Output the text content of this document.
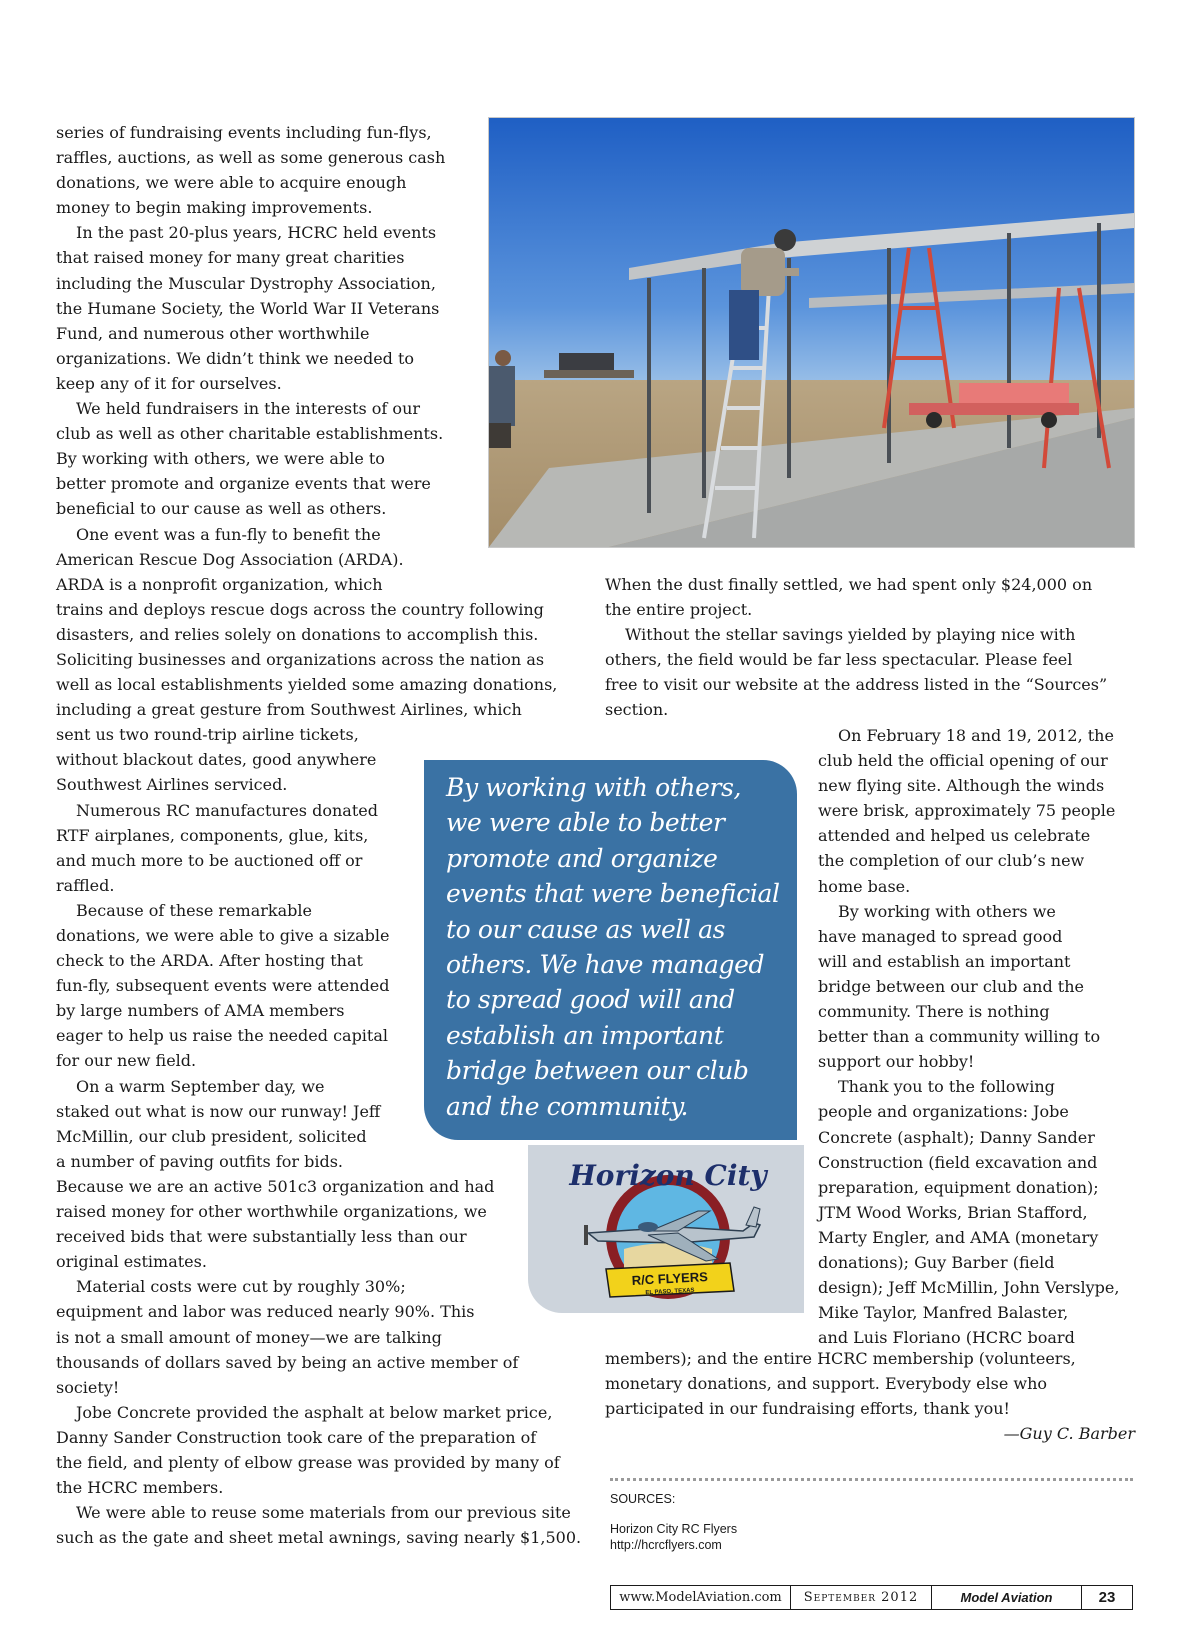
series of fundraising events including fun-flys,
raffles, auctions, as well as some generous cash
donations, we were able to acquire enough
money to begin making improvements.
In the past 20-plus years, HCRC held events
that raised money for many great charities
including the Muscular Dystrophy Association,
the Humane Society, the World War II Veterans
Fund, and numerous other worthwhile
organizations. We didn’t think we needed to
keep any of it for ourselves.
We held fundraisers in the interests of our
club as well as other charitable establishments.
By working with others, we were able to
better promote and organize events that were
beneficial to our cause as well as others.
One event was a fun-fly to benefit the
American Rescue Dog Association (ARDA).
ARDA is a nonprofit organization, which
trains and deploys rescue dogs across the country following
disasters, and relies solely on donations to accomplish this.
Soliciting businesses and organizations across the nation as
well as local establishments yielded some amazing donations,
including a great gesture from Southwest Airlines, which
sent us two round-trip airline tickets,
without blackout dates, good anywhere
Southwest Airlines serviced.
Numerous RC manufactures donated
RTF airplanes, components, glue, kits,
and much more to be auctioned off or
raffled.
Because of these remarkable
donations, we were able to give a sizable
check to the ARDA. After hosting that
fun-fly, subsequent events were attended
by large numbers of AMA members
eager to help us raise the needed capital
for our new field.
On a warm September day, we
staked out what is now our runway! Jeff
McMillin, our club president, solicited
a number of paving outfits for bids.
Because we are an active 501c3 organization and had
raised money for other worthwhile organizations, we
received bids that were substantially less than our
original estimates.
Material costs were cut by roughly 30%;
equipment and labor was reduced nearly 90%. This
is not a small amount of money—we are talking
thousands of dollars saved by being an active member of
society!
Jobe Concrete provided the asphalt at below market price,
Danny Sander Construction took care of the preparation of
the field, and plenty of elbow grease was provided by many of
the HCRC members.
We were able to reuse some materials from our previous site
such as the gate and sheet metal awnings, saving nearly $1,500.
When the dust finally settled, we had spent only $24,000 on
the entire project.
Without the stellar savings yielded by playing nice with
others, the field would be far less spectacular. Please feel
free to visit our website at the address listed in the “Sources”
section.
On February 18 and 19, 2012, the
club held the official opening of our
new flying site. Although the winds
were brisk, approximately 75 people
attended and helped us celebrate
the completion of our club’s new
home base.
By working with others we
have managed to spread good
will and establish an important
bridge between our club and the
community. There is nothing
better than a community willing to
support our hobby!
Thank you to the following
people and organizations: Jobe
Concrete (asphalt); Danny Sander
Construction (field excavation and
preparation, equipment donation);
JTM Wood Works, Brian Stafford,
Marty Engler, and AMA (monetary
donations); Guy Barber (field
design); Jeff McMillin, John Verslype,
Mike Taylor, Manfred Balaster,
and Luis Floriano (HCRC board
members); and the entire HCRC membership (volunteers,
monetary donations, and support. Everybody else who
participated in our fundraising efforts, thank you!
—Guy C. Barber
By working with others,
we were able to better
promote and organize
events that were beneficial
to our cause as well as
others. We have managed
to spread good will and
establish an important
bridge between our club
and the community.
Horizon City
R/C FLYERS
EL PASO, TEXAS
SOURCES:
Horizon City RC Flyers
http://hcrcflyers.com
www.ModelAviation.com	September 2012	Model Aviation	23
